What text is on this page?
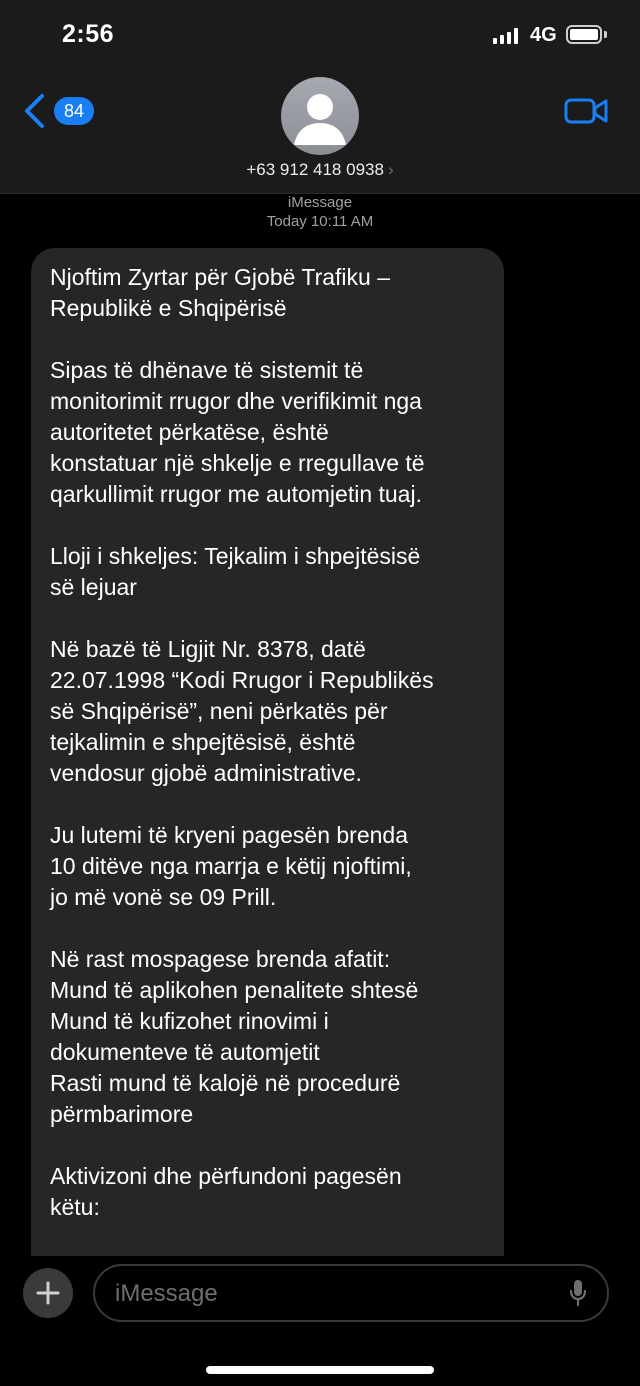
2:56	4G
84
+63 912 418 0938 ›
iMessage
Today 10:11 AM

Njoftim Zyrtar për Gjobë Trafiku –
Republikë e Shqipërisë

Sipas të dhënave të sistemit të
monitorimit rrugor dhe verifikimit nga
autoritetet përkatëse, është
konstatuar një shkelje e rregullave të
qarkullimit rrugor me automjetin tuaj.

Lloji i shkeljes: Tejkalim i shpejtësisë
së lejuar

Në bazë të Ligjit Nr. 8378, datë
22.07.1998 “Kodi Rrugor i Republikës
së Shqipërisë”, neni përkatës për
tejkalimin e shpejtësisë, është
vendosur gjobë administrative.

Ju lutemi të kryeni pagesën brenda
10 ditëve nga marrja e këtij njoftimi,
jo më vonë se 09 Prill.

Në rast mospagese brenda afatit:
Mund të aplikohen penalitete shtesë
Mund të kufizohet rinovimi i
dokumenteve të automjetit
Rasti mund të kalojë në procedurë
përmbarimore

Aktivizoni dhe përfundoni pagesën
këtu:

iMessage
